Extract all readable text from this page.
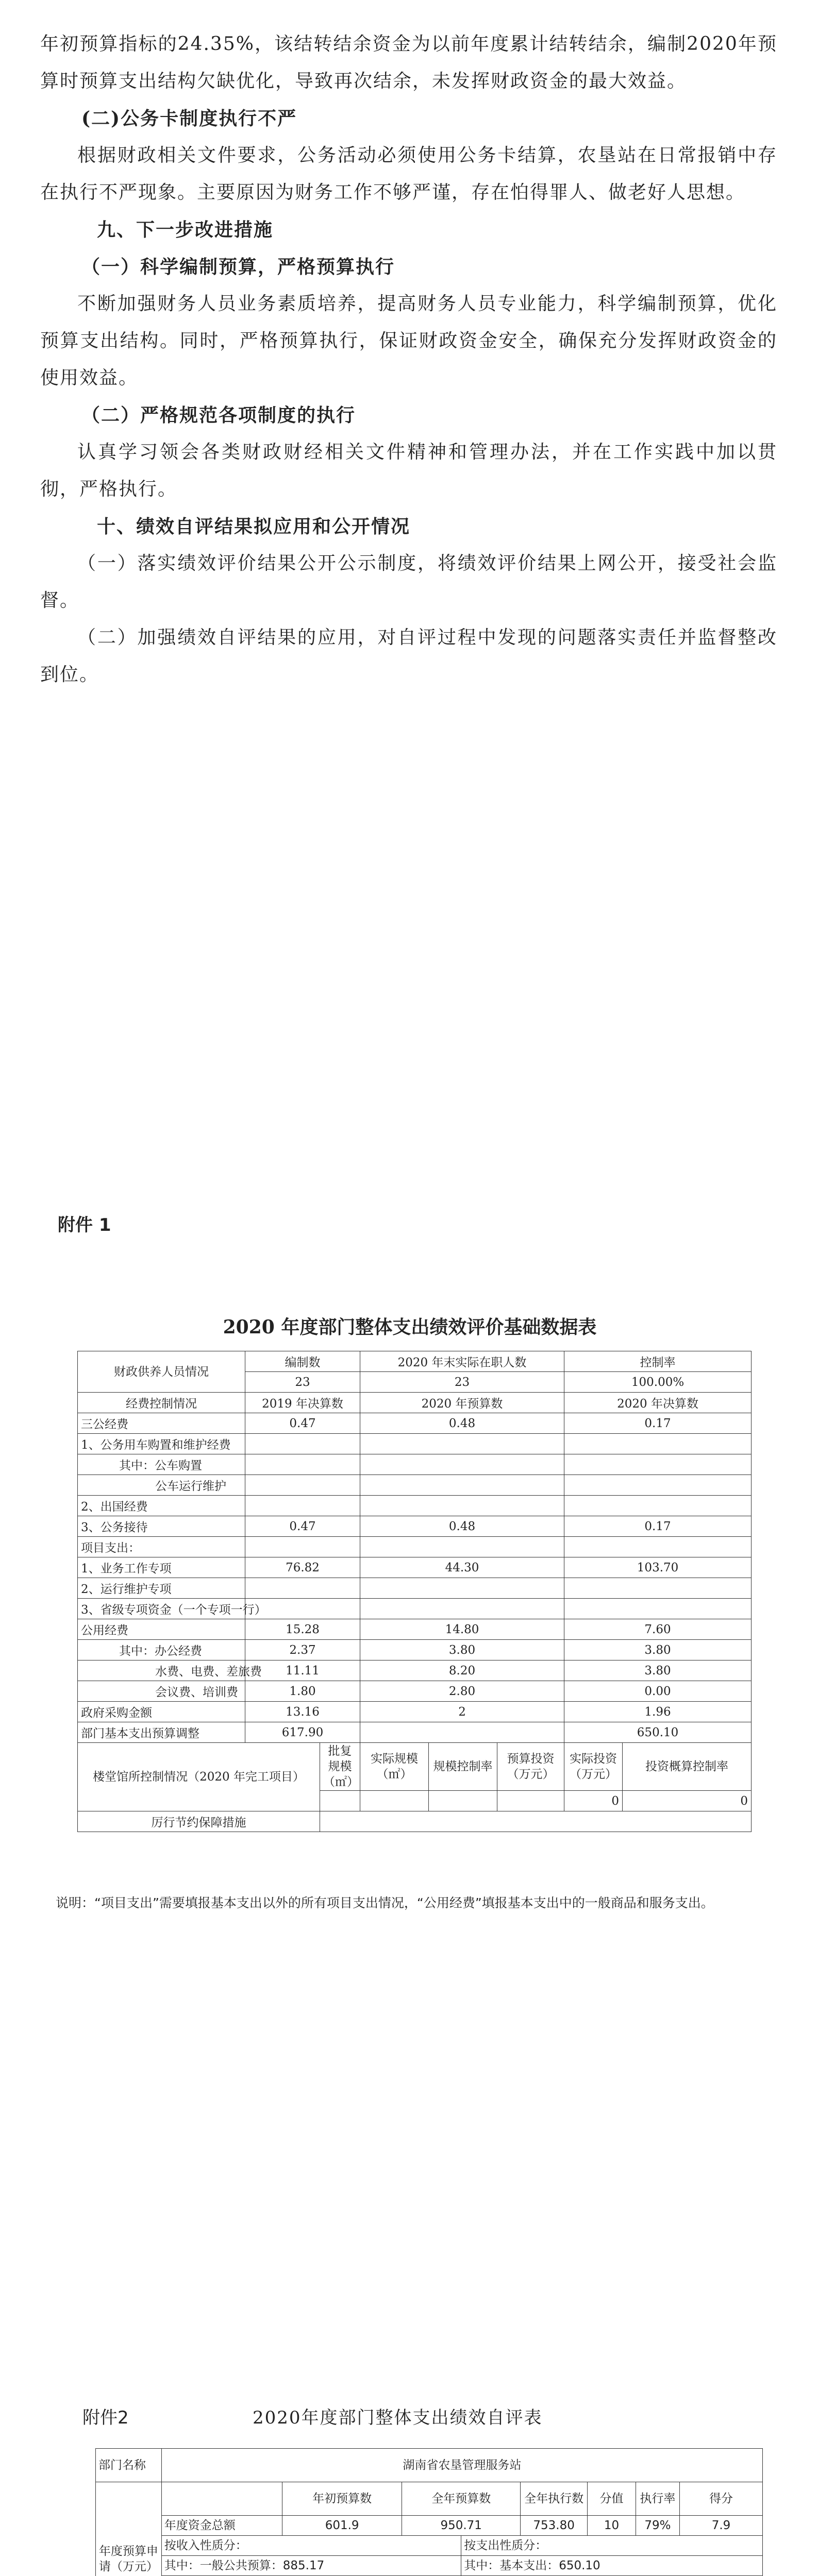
年初预算指标的24.35%，该结转结余资金为以前年度累计结转结余，编制2020年预算时预算支出结构欠缺优化，导致再次结余，未发挥财政资金的最大效益。

(二)公务卡制度执行不严

根据财政相关文件要求，公务活动必须使用公务卡结算，农垦站在日常报销中存在执行不严现象。主要原因为财务工作不够严谨，存在怕得罪人、做老好人思想。

九、下一步改进措施
（一）科学编制预算，严格预算执行

不断加强财务人员业务素质培养，提高财务人员专业能力，科学编制预算，优化预算支出结构。同时，严格预算执行，保证财政资金安全，确保充分发挥财政资金的使用效益。

（二）严格规范各项制度的执行

认真学习领会各类财政财经相关文件精神和管理办法，并在工作实践中加以贯彻，严格执行。

十、绩效自评结果拟应用和公开情况

（一）落实绩效评价结果公开公示制度，将绩效评价结果上网公开，接受社会监督。

（二）加强绩效自评结果的应用，对自评过程中发现的问题落实责任并监督整改到位。

附件 1
2020 年度部门整体支出绩效评价基础数据表
财政供养人员情况	编制数		2020 年末实际在职人数			控制率	
	23		23			100.00%	
经费控制情况	2019 年决算数		2020 年预算数			2020 年决算数	
三公经费	0.47		0.48			0.17	
1、公务用车购置和维护经费							
其中：公车购置							
公车运行维护							
2、出国经费							
3、公务接待	0.47		0.48			0.17	
项目支出：							
1、业务工作专项	76.82		44.30			103.70	
2、运行维护专项							
3、省级专项资金（一个专项一行）							
公用经费	15.28		14.80			7.60	
其中：办公经费	2.37		3.80			3.80	
水费、电费、差旅费	11.11		8.20			3.80	
会议费、培训费	1.80		2.80			0.00	
政府采购金额	13.16		2			1.96	
部门基本支出预算调整	617.90					650.10	
楼堂馆所控制情况（2020 年完工项目）		批复规模（㎡）	实际规模（㎡）	规模控制率	预算投资（万元）	实际投资（万元）	投资概算控制率
						0	0
厉行节约保障措施							
说明：“项目支出”需要填报基本支出以外的所有项目支出情况，“公用经费”填报基本支出中的一般商品和服务支出。
附件2	2020年度部门整体支出绩效自评表
部门名称	湖南省农垦管理服务站								
年度预算申请（万元）			年初预算数	全年预算数		全年执行数	分值	执行率	得分
	年度资金总额		601.9	950.71		753.80	10	79%	7.9
	按收入性质分：				按支出性质分：				
	其中：一般公共预算：885.17				其中：基本支出：650.10				
